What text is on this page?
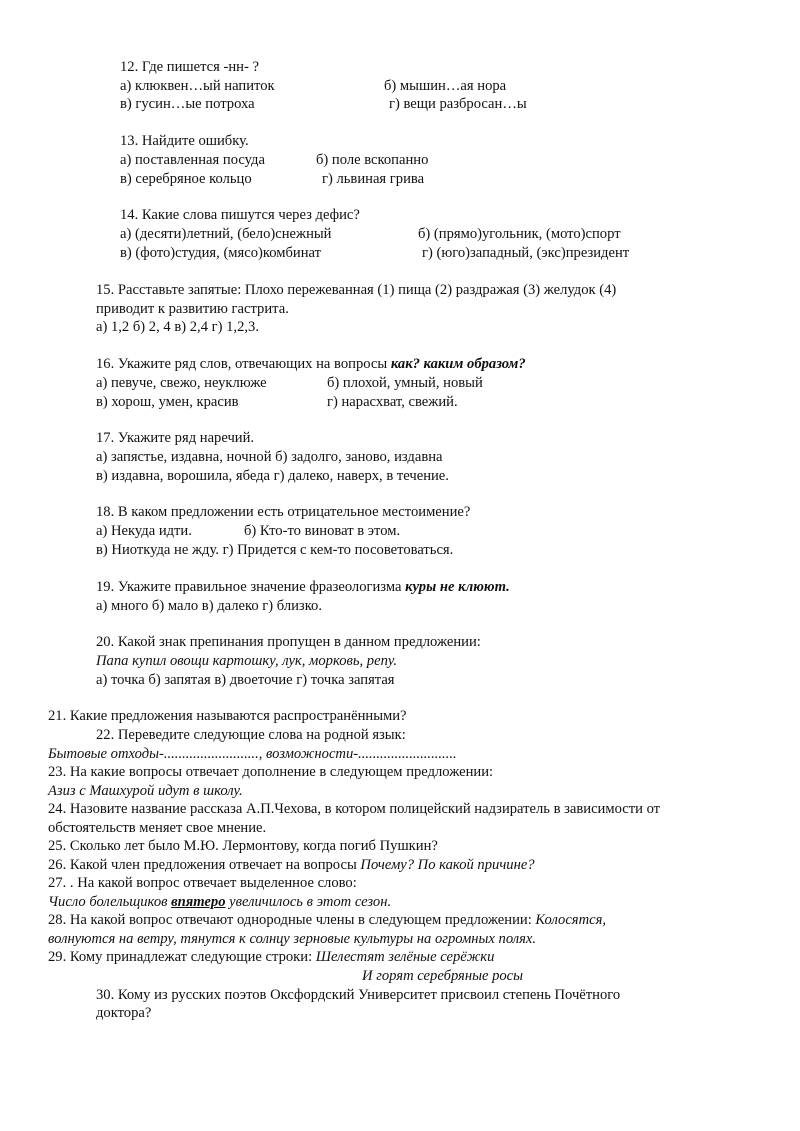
12. Где пишется -нн- ?
а) клюквен…ый напиток	б) мышин…ая нора
в) гусин…ые потроха	г) вещи разбросан…ы
13. Найдите ошибку.
а) поставленная посуда	б) поле вскопанно
в) серебряное кольцо	г) львиная грива
14. Какие слова пишутся через дефис?
а) (десяти)летний, (бело)снежный	б) (прямо)угольник, (мото)спорт
в) (фото)студия, (мясо)комбинат	г) (юго)западный, (экс)президент
15. Расставьте запятые: Плохо пережеванная (1) пища (2) раздражая (3) желудок (4)
приводит к развитию гастрита.
а) 1,2 б) 2, 4 в) 2,4 г) 1,2,3.
16. Укажите ряд слов, отвечающих на вопросы как? каким образом?
а) певуче, свежо, неуклюже	б) плохой, умный, новый
в) хорош, умен, красив	г) нарасхват, свежий.
17. Укажите ряд наречий.
а) запястье, издавна, ночной б) задолго, заново, издавна
в) издавна, ворошила, ябеда г) далеко, наверх, в течение.
18. В каком предложении есть отрицательное местоимение?
а) Некуда идти.	б) Кто-то виноват в этом.
в) Ниоткуда не жду. г) Придется с кем-то посоветоваться.
19. Укажите правильное значение фразеологизма куры не клюют.
а) много б) мало в) далеко г) близко.
20. Какой знак препинания пропущен в данном предложении:
Папа купил овощи картошку, лук, морковь, репу.
а) точка б) запятая в) двоеточие г) точка запятая
21. Какие предложения называются распространёнными?
22. Переведите следующие слова на родной язык:
Бытовые отходы-.........................., возможности-...........................
23. На какие вопросы отвечает дополнение в следующем предложении:
Азиз с Машхурой идут в школу.
24. Назовите название рассказа А.П.Чехова, в котором полицейский надзиратель в зависимости от
обстоятельств меняет свое мнение.
25. Сколько лет было М.Ю. Лермонтову, когда погиб Пушкин?
26. Какой член предложения отвечает на вопросы Почему? По какой причине?
27. . На какой вопрос отвечает выделенное слово:
Число болельщиков впятеро увеличилось в этот сезон.
28. На какой вопрос отвечают однородные члены в следующем предложении: Колосятся,
волнуются на ветру, тянутся к солнцу зерновые культуры на огромных полях.
29. Кому принадлежат следующие строки: Шелестят зелёные серёжки
И горят серебряные росы
30. Кому из русских поэтов Оксфордский Университет присвоил степень Почётного
доктора?
